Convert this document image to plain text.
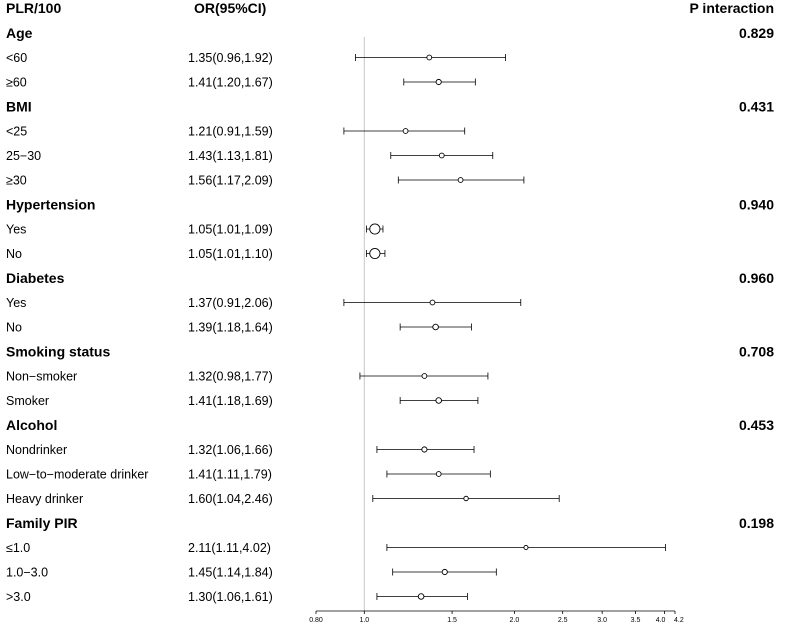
PLR/100	OR(95%CI)	P interaction
Age	0.829
<60	1.35(0.96,1.92)
≥60	1.41(1.20,1.67)
BMI	0.431
<25	1.21(0.91,1.59)
25−30	1.43(1.13,1.81)
≥30	1.56(1.17,2.09)
Hypertension	0.940
Yes	1.05(1.01,1.09)
No	1.05(1.01,1.10)
Diabetes	0.960
Yes	1.37(0.91,2.06)
No	1.39(1.18,1.64)
Smoking status	0.708
Non−smoker	1.32(0.98,1.77)
Smoker	1.41(1.18,1.69)
Alcohol	0.453
Nondrinker	1.32(1.06,1.66)
Low−to−moderate drinker	1.41(1.11,1.79)
Heavy drinker	1.60(1.04,2.46)
Family PIR	0.198
≤1.0	2.11(1.11,4.02)
1.0−3.0	1.45(1.14,1.84)
>3.0	1.30(1.06,1.61)
0.80	1.0	1.5	2.0	2.5	3.0	3.5 4.0 4.2
